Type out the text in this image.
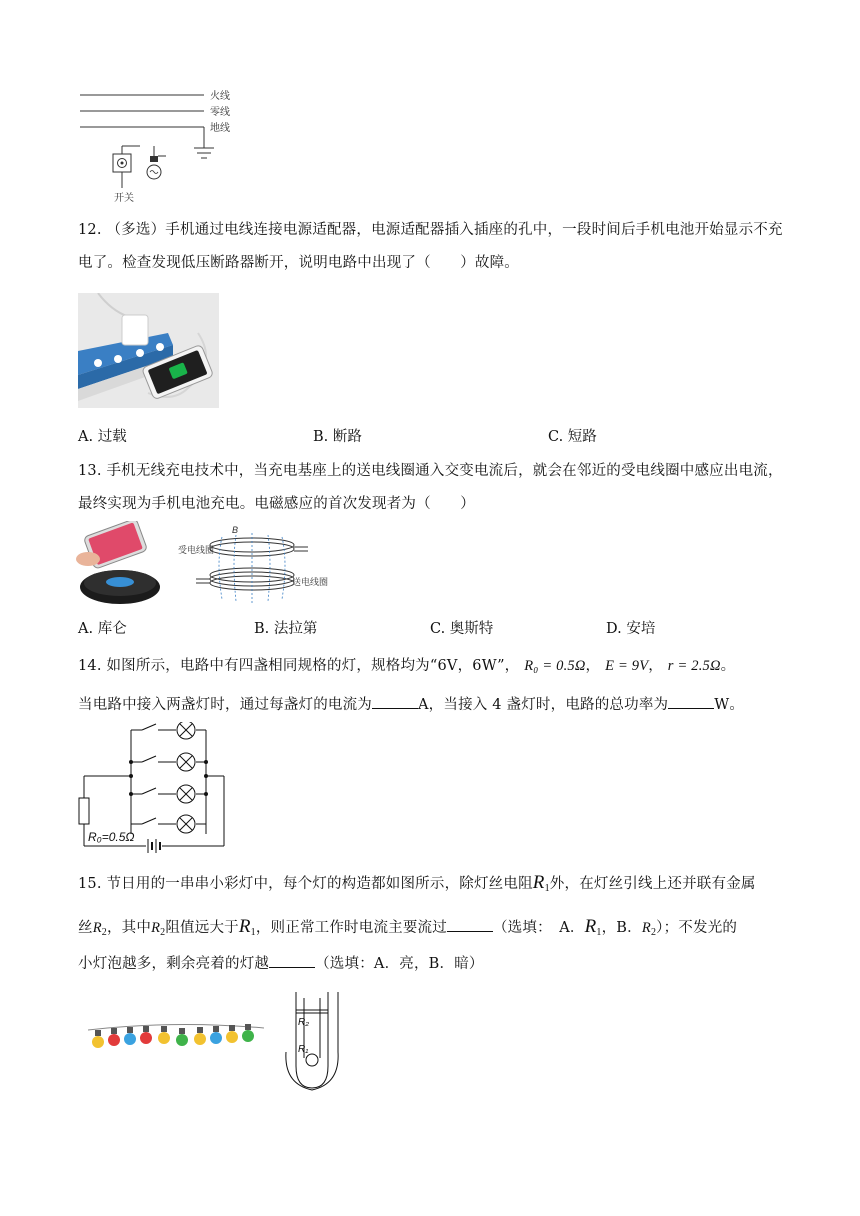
火线
零线
地线
开关
12. （多选）手机通过电线连接电源适配器，电源适配器插入插座的孔中，一段时间后手机电池开始显示不充电了。检查发现低压断路器断开，说明电路中出现了（　　）故障。
A. 过载	B. 断路	C. 短路
13. 手机无线充电技术中，当充电基座上的送电线圈通入交变电流后，就会在邻近的受电线圈中感应出电流，最终实现为手机电池充电。电磁感应的首次发现者为（　　）
B
受电线圈
送电线圈
A. 库仑	B. 法拉第	C. 奥斯特	D. 安培
14. 如图所示，电路中有四盏相同规格的灯，规格均为“6V，6W”， R₀ = 0.5Ω， E = 9V， r = 2.5Ω。
当电路中接入两盏灯时，通过每盏灯的电流为	A，当接入 4 盏灯时，电路的总功率为	W。
R₀=0.5Ω
15. 节日用的一串串小彩灯中，每个灯的构造都如图所示，除灯丝电阻$R_1$外，在灯丝引线上还并联有金属
丝$R_2$，其中$R_2$阻值远大于$R_1$，则正常工作时电流主要流过	（选填：　A．$R_1$，B．$R_2$）；不发光的
小灯泡越多，剩余亮着的灯越	（选填：A．亮，B．暗）
R₂
R₁
